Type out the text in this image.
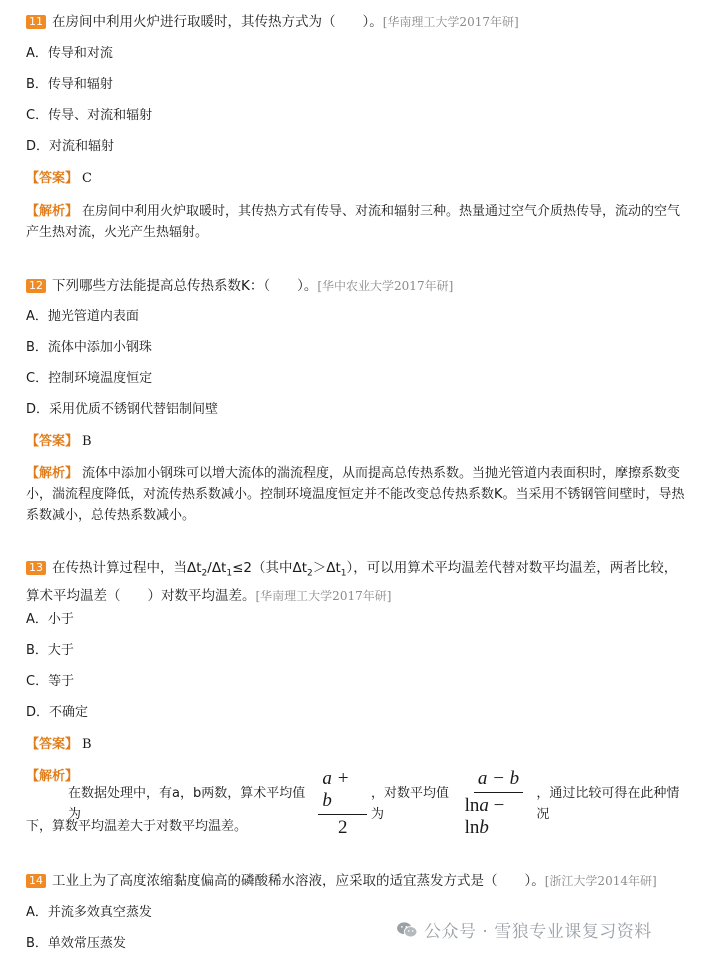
11 在房间中利用火炉进行取暖时，其传热方式为（　　）。[华南理工大学2017年研]
A．传导和对流
B．传导和辐射
C．传导、对流和辐射
D．对流和辐射
【答案】 C
【解析】 在房间中利用火炉取暖时，其传热方式有传导、对流和辐射三种。热量通过空气介质热传导，流动的空气产生热对流，火光产生热辐射。
12 下列哪些方法能提高总传热系数K：（　　）。[华中农业大学2017年研]
A．抛光管道内表面
B．流体中添加小钢珠
C．控制环境温度恒定
D．采用优质不锈钢代替铝制间壁
【答案】 B
【解析】 流体中添加小钢珠可以增大流体的湍流程度，从而提高总传热系数。当抛光管道内表面积时，摩擦系数变小，湍流程度降低，对流传热系数减小。控制环境温度恒定并不能改变总传热系数K。当采用不锈钢管间壁时，导热系数减小，总传热系数减小。
13 在传热计算过程中，当$\Delta t_2/\Delta t_1\le 2$（其中$\Delta t_2>\Delta t_1$），可以用算术平均温差代替对数平均温差，两者比较，算术平均温差（　　）对数平均温差。[华南理工大学2017年研]
A．小于
B．大于
C．等于
D．不确定
【答案】 B
【解析】
在数据处理中，有a，b两数，算术平均值为	$\frac{a + b}{2}$ ，对数平均值为	$\frac{a - b}{\ln a - \ln b}$ ，通过比较可得在此种情况
下，算数平均温差大于对数平均温差。
14 工业上为了高度浓缩黏度偏高的磷酸稀水溶液，应采取的适宜蒸发方式是（　　）。[浙江大学2014年研]
A．并流多效真空蒸发
B．单效常压蒸发
公众号 · 雪狼专业课复习资料
